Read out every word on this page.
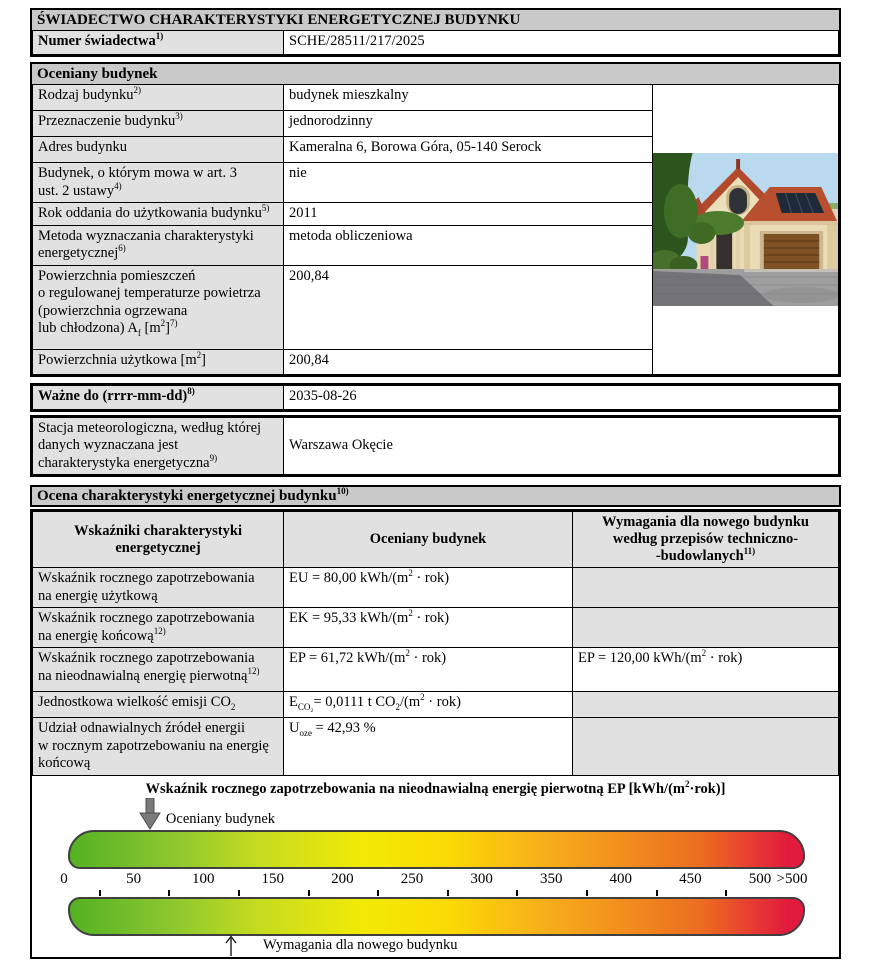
ŚWIADECTWO CHARAKTERYSTYKI ENERGETYCZNEJ BUDYNKU
Numer świadectwa$^{1)}$	SCHE/28511/217/2025
Oceniany budynek
Rodzaj budynku$^{2)}$	budynek mieszkalny	

Przeznaczenie budynku$^{3)}$	jednorodzinny	
Adres budynku	Kameralna 6, Borowa Góra, 05-140 Serock	
Budynek, o którym mowa w art. 3
ust. 2 ustawy$^{4)}$	nie	
Rok oddania do użytkowania budynku$^{5)}$	2011	
Metoda wyznaczania charakterystyki
energetycznej$^{6)}$	metoda obliczeniowa	
Powierzchnia pomieszczeń
o regulowanej temperaturze powietrza
(powierzchnia ogrzewana
lub chłodzona) $A_f$ $[m^2]^{7)}$	200,84	
Powierzchnia użytkowa $[m^2]$	200,84	
Ważne do (rrrr-mm-dd)$^{8)}$	2035-08-26
Stacja meteorologiczna, według której
danych wyznaczana jest
charakterystyka energetyczna$^{9)}$	Warszawa Okęcie
Ocena charakterystyki energetycznej budynku$^{10)}$
Wskaźniki charakterystyki
energetycznej	Oceniany budynek	Wymagania dla nowego budynku
według przepisów techniczno-
-budowlanych$^{11)}$
Wskaźnik rocznego zapotrzebowania
na energię użytkową	EU = 80,00 kWh/$(m^2 \cdot rok)$	
Wskaźnik rocznego zapotrzebowania
na energię końcową$^{12)}$	EK = 95,33 kWh/$(m^2 \cdot rok)$	
Wskaźnik rocznego zapotrzebowania
na nieodnawialną energię pierwotną$^{12)}$	EP = 61,72 kWh/$(m^2 \cdot rok)$	EP = 120,00 kWh/$(m^2 \cdot rok)$
Jednostkowa wielkość emisji $CO_2$	$E_{CO_2}= 0,0111$ t $CO_2/(m^2 \cdot rok)$	
Udział odnawialnych źródeł energii
w rocznym zapotrzebowaniu na energię
końcową	$U_{oze} = 42,93$ %	
Wskaźnik rocznego zapotrzebowania na nieodnawialną energię pierwotną EP $[kWh/(m^2\cdot rok)]$
0	50	100	150	200	250	300	350	400	450	500 >500
Oceniany budynek
Wymagania dla nowego budynku
